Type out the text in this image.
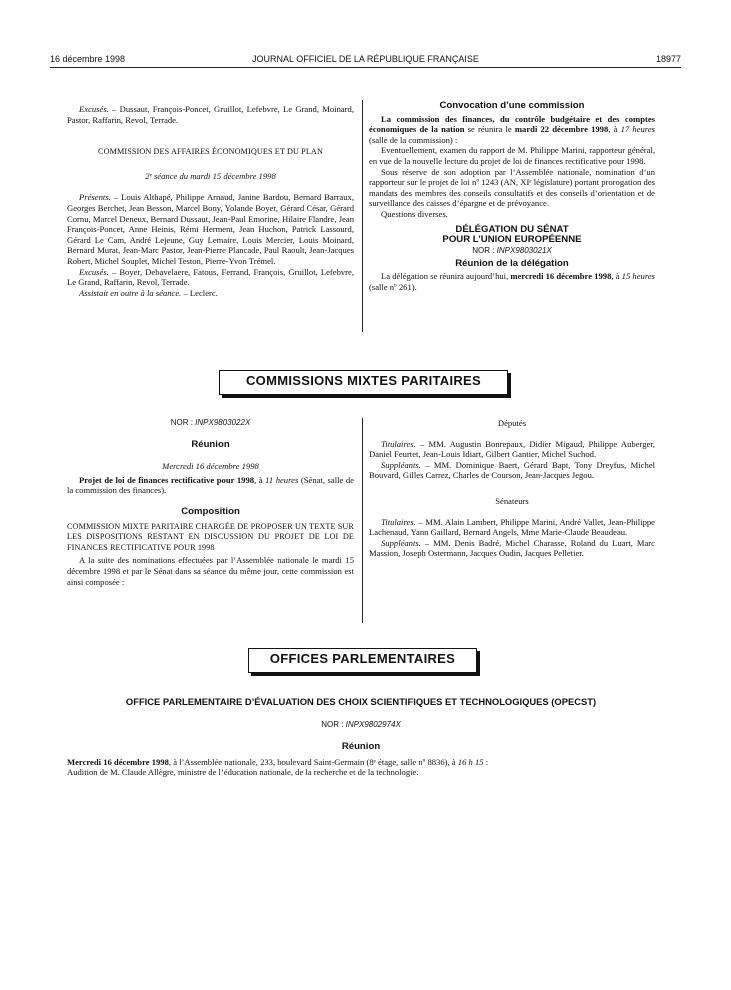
16 décembre 1998	JOURNAL OFFICIEL DE LA RÉPUBLIQUE FRANÇAISE	18977

Excusés. – Dussaut, François-Poncet, Gruillot, Lefebvre, Le Grand, Moinard, Pastor, Raffarin, Revol, Terrade.

COMMISSION DES AFFAIRES ÉCONOMIQUES ET DU PLAN

2ᵉ séance du mardi 15 décembre 1998

Présents. – Louis Althapé, Philippe Arnaud, Janine Bardou, Bernard Barraux, Georges Berchet, Jean Besson, Marcel Bony, Yolande Boyer, Gérard César, Gérard Cornu, Marcel Deneux, Bernard Dussaut, Jean-Paul Emorine, Hilaire Flandre, Jean François-Poncet, Anne Heinis, Rémi Herment, Jean Huchon, Patrick Lassourd, Gérard Le Cam, André Lejeune, Guy Lemaire, Louis Mercier, Louis Moinard, Bernard Murat, Jean-Marc Pastor, Jean-Pierre Plancade, Paul Raoult, Jean-Jacques Robert, Michel Souplet, Michel Teston, Pierre-Yvon Trémel.

Excusés. – Boyer, Debavelaere, Fatous, Ferrand, François, Gruillot, Lefebvre, Le Grand, Raffarin, Revol, Terrade.

Assistait en outre à la séance. – Leclerc.

Convocation d’une commission

La commission des finances, du contrôle budgétaire et des comptes économiques de la nation se réunira le mardi 22 décembre 1998, à 17 heures (salle de la commission) :

Eventuellement, examen du rapport de M. Philippe Marini, rapporteur général, en vue de la nouvelle lecture du projet de loi de finances rectificative pour 1998.

Sous réserve de son adoption par l’Assemblée nationale, nomination d’un rapporteur sur le projet de loi nº 1243 (AN, XIᵉ législature) portant prorogation des mandats des membres des conseils consultatifs et des conseils d’orientation et de surveillance des caisses d’épargne et de prévoyance.

Questions diverses.

DÉLÉGATION DU SÉNAT

POUR L’UNION EUROPÉENNE

NOR : INPX9803021X

Réunion de la délégation

La délégation se réunira aujourd’hui, mercredi 16 décembre 1998, à 15 heures (salle nº 261).

COMMISSIONS MIXTES PARITAIRES

NOR : INPX9803022X

Réunion

Mercredi 16 décembre 1998

Projet de loi de finances rectificative pour 1998, à 11 heures (Sénat, salle de la commission des finances).

Composition

COMMISSION MIXTE PARITAIRE CHARGÉE DE PROPOSER UN TEXTE SUR LES DISPOSITIONS RESTANT EN DISCUSSION DU PROJET DE LOI DE FINANCES RECTIFICATIVE POUR 1998

A la suite des nominations effectuées par l’Assemblée nationale le mardi 15 décembre 1998 et par le Sénat dans sa séance du même jour, cette commission est ainsi composée :

Députés

Titulaires. – MM. Augustin Bonrepaux, Didier Migaud, Philippe Auberger, Daniel Feurtet, Jean-Louis Idiart, Gilbert Gantier, Michel Suchod.

Suppléants. – MM. Dominique Baert, Gérard Bapt, Tony Dreyfus, Michel Bouvard, Gilles Carrez, Charles de Courson, Jean-Jacques Jegou.

Sénateurs

Titulaires. – MM. Alain Lambert, Philippe Marini, André Vallet, Jean-Philippe Lachenaud, Yann Gaillard, Bernard Angels, Mme Marie-Claude Beaudeau.

Suppléants. – MM. Denis Badré, Michel Charasse, Roland du Luart, Marc Massion, Joseph Ostermann, Jacques Oudin, Jacques Pelletier.

OFFICES PARLEMENTAIRES

OFFICE PARLEMENTAIRE D’ÉVALUATION DES CHOIX SCIENTIFIQUES ET TECHNOLOGIQUES (OPECST)

NOR : INPX9802974X

Réunion

Mercredi 16 décembre 1998, à l’Assemblée nationale, 233, boulevard Saint-Germain (8ᵉ étage, salle nº 8836), à 16 h 15 :

Audition de M. Claude Allègre, ministre de l’éducation nationale, de la recherche et de la technologie.
